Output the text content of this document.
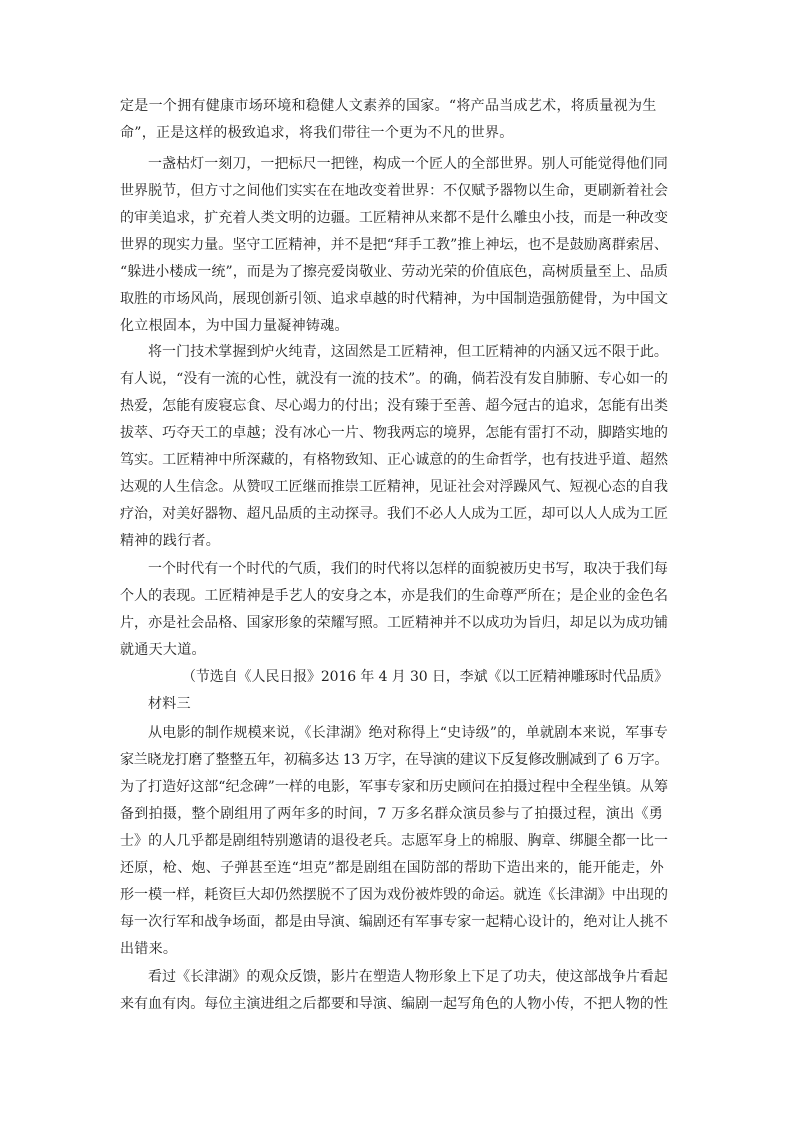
定是一个拥有健康市场环境和稳健人文素养的国家。“将产品当成艺术，将质量视为生
命”，正是这样的极致追求，将我们带往一个更为不凡的世界。
一盏枯灯一刻刀，一把标尺一把锉，构成一个匠人的全部世界。别人可能觉得他们同
世界脱节，但方寸之间他们实实在在地改变着世界：不仅赋予器物以生命，更刷新着社会
的审美追求，扩充着人类文明的边疆。工匠精神从来都不是什么雕虫小技，而是一种改变
世界的现实力量。坚守工匠精神，并不是把“拜手工教”推上神坛，也不是鼓励离群索居、
“躲进小楼成一统”，而是为了擦亮爱岗敬业、劳动光荣的价值底色，高树质量至上、品质
取胜的市场风尚，展现创新引领、追求卓越的时代精神，为中国制造强筋健骨，为中国文
化立根固本，为中国力量凝神铸魂。
将一门技术掌握到炉火纯青，这固然是工匠精神，但工匠精神的内涵又远不限于此。
有人说，“没有一流的心性，就没有一流的技术”。的确，倘若没有发自肺腑、专心如一的
热爱，怎能有废寝忘食、尽心竭力的付出；没有臻于至善、超今冠古的追求，怎能有出类
拔萃、巧夺天工的卓越；没有冰心一片、物我两忘的境界，怎能有雷打不动，脚踏实地的
笃实。工匠精神中所深藏的，有格物致知、正心诚意的的生命哲学，也有技进乎道、超然
达观的人生信念。从赞叹工匠继而推崇工匠精神，见证社会对浮躁风气、短视心态的自我
疗治，对美好器物、超凡品质的主动探寻。我们不必人人成为工匠，却可以人人成为工匠
精神的践行者。
一个时代有一个时代的气质，我们的时代将以怎样的面貌被历史书写，取决于我们每
个人的表现。工匠精神是手艺人的安身之本，亦是我们的生命尊严所在；是企业的金色名
片，亦是社会品格、国家形象的荣耀写照。工匠精神并不以成功为旨归，却足以为成功铺
就通天大道。
（节选自《人民日报》2016 年 4 月 30 日，李斌《以工匠精神雕琢时代品质》
材料三
从电影的制作规模来说，《长津湖》绝对称得上“史诗级”的，单就剧本来说，军事专
家兰晓龙打磨了整整五年，初稿多达 13 万字，在导演的建议下反复修改删减到了 6 万字。
为了打造好这部“纪念碑”一样的电影，军事专家和历史顾问在拍摄过程中全程坐镇。从筹
备到拍摄，整个剧组用了两年多的时间，7 万多名群众演员参与了拍摄过程，演出《勇
士》的人几乎都是剧组特别邀请的退役老兵。志愿军身上的棉服、胸章、绑腿全都一比一
还原，枪、炮、子弹甚至连“坦克”都是剧组在国防部的帮助下造出来的，能开能走，外
形一模一样，耗资巨大却仍然摆脱不了因为戏份被炸毁的命运。就连《长津湖》中出现的
每一次行军和战争场面，都是由导演、编剧还有军事专家一起精心设计的，绝对让人挑不
出错来。
看过《长津湖》的观众反馈，影片在塑造人物形象上下足了功夫，使这部战争片看起
来有血有肉。每位主演进组之后都要和导演、编剧一起写角色的人物小传，不把人物的性
